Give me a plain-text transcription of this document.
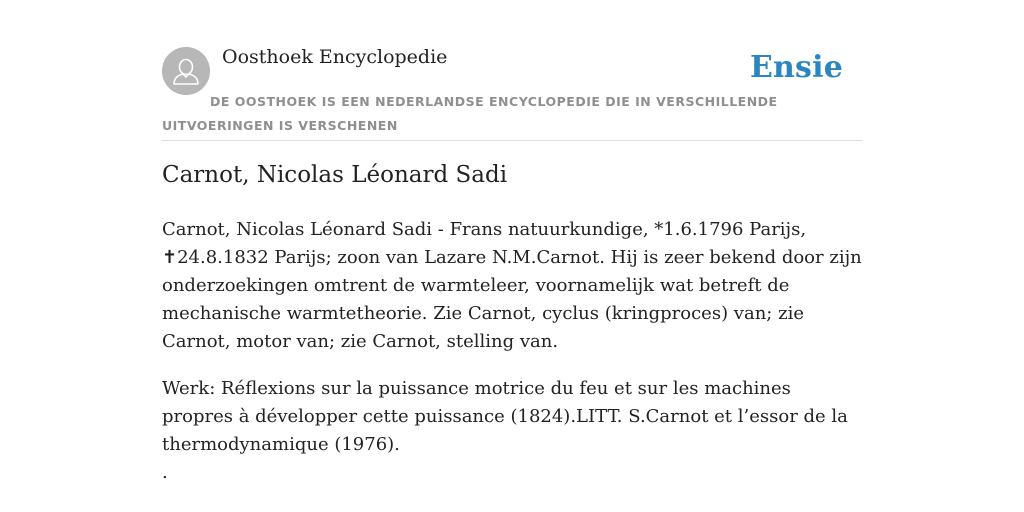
Oosthoek Encyclopedie	Ensie
DE OOSTHOEK IS EEN NEDERLANDSE ENCYCLOPEDIE DIE IN VERSCHILLENDE UITVOERINGEN IS VERSCHENEN
Carnot, Nicolas Léonard Sadi

Carnot, Nicolas Léonard Sadi - Frans natuurkundige, *1.6.1796 Parijs, ✝24.8.1832 Parijs; zoon van Lazare N.M.Carnot. Hij is zeer bekend door zijn onderzoekingen omtrent de warmteleer, voornamelijk wat betreft de mechanische warmtetheorie. Zie Carnot, cyclus (kringproces) van; zie Carnot, motor van; zie Carnot, stelling van.

Werk: Réflexions sur la puissance motrice du feu et sur les machines propres à développer cette puissance (1824).LITT. S.Carnot et l’essor de la thermodynamique (1976).

.
